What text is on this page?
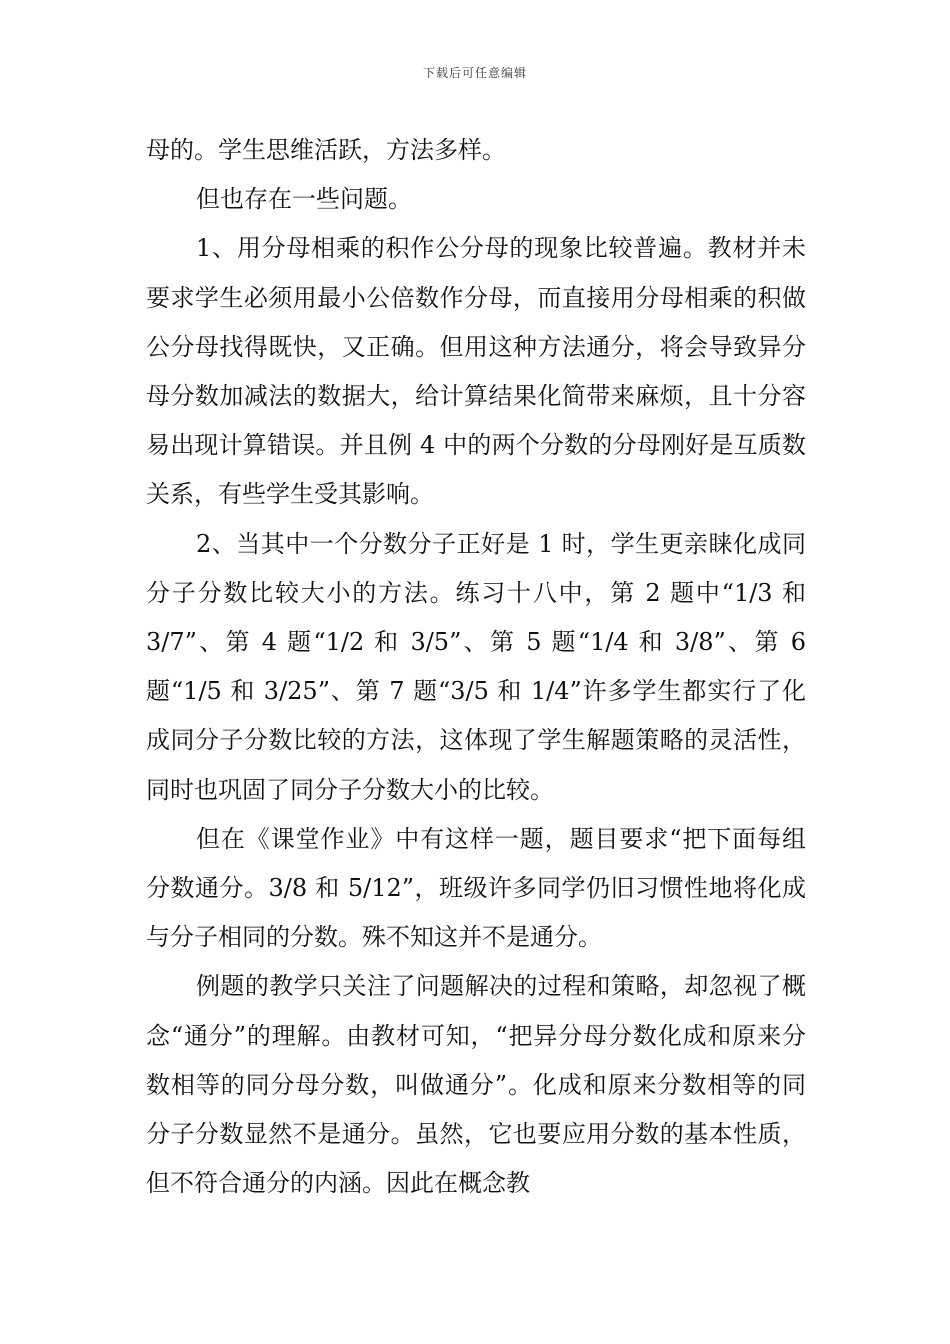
下载后可任意编辑

母的。学生思维活跃，方法多样。

但也存在一些问题。

1、用分母相乘的积作公分母的现象比较普遍。教材并未要求学生必须用最小公倍数作分母，而直接用分母相乘的积做公分母找得既快，又正确。但用这种方法通分，将会导致异分母分数加减法的数据大，给计算结果化简带来麻烦，且十分容易出现计算错误。并且例 4 中的两个分数的分母刚好是互质数关系，有些学生受其影响。

2、当其中一个分数分子正好是 1 时，学生更亲睐化成同分子分数比较大小的方法。练习十八中，第 2 题中“1/3 和 3/7”、第 4 题“1/2 和 3/5”、第 5 题“1/4 和 3/8”、第 6 题“1/5 和 3/25”、第 7 题“3/5 和 1/4”许多学生都实行了化成同分子分数比较的方法，这体现了学生解题策略的灵活性，同时也巩固了同分子分数大小的比较。

但在《课堂作业》中有这样一题，题目要求“把下面每组分数通分。3/8 和 5/12”，班级许多同学仍旧习惯性地将化成与分子相同的分数。殊不知这并不是通分。

例题的教学只关注了问题解决的过程和策略，却忽视了概念“通分”的理解。由教材可知，“把异分母分数化成和原来分数相等的同分母分数，叫做通分”。化成和原来分数相等的同分子分数显然不是通分。虽然，它也要应用分数的基本性质，但不符合通分的内涵。因此在概念教
